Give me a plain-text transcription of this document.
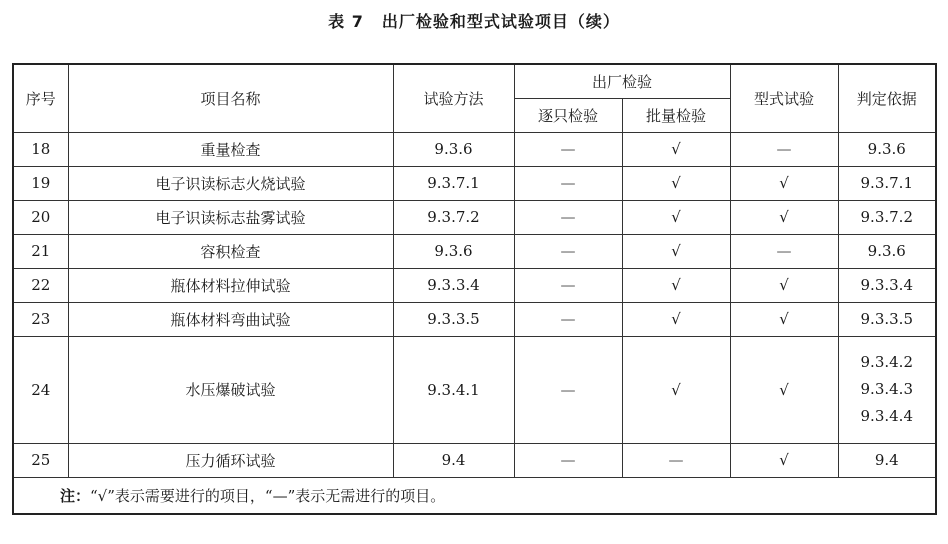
表 7 出厂检验和型式试验项目（续）
序号	项目名称	试验方法	出厂检验		型式试验	判定依据
			逐只检验	批量检验		
18	重量检查	9.3.6	—	√	—	9.3.6

19	电子识读标志火烧试验	9.3.7.1	—	√	√	9.3.7.1

20	电子识读标志盐雾试验	9.3.7.2	—	√	√	9.3.7.2

21	容积检查	9.3.6	—	√	—	9.3.6

22	瓶体材料拉伸试验	9.3.3.4	—	√	√	9.3.3.4

23	瓶体材料弯曲试验	9.3.3.5	—	√	√	9.3.3.5

24	水压爆破试验	9.3.4.1	—	√	√	9.3.4.2
9.3.4.3
9.3.4.4

25	压力循环试验	9.4	—	—	√	9.4

注：“√”表示需要进行的项目，“—”表示无需进行的项目。						
